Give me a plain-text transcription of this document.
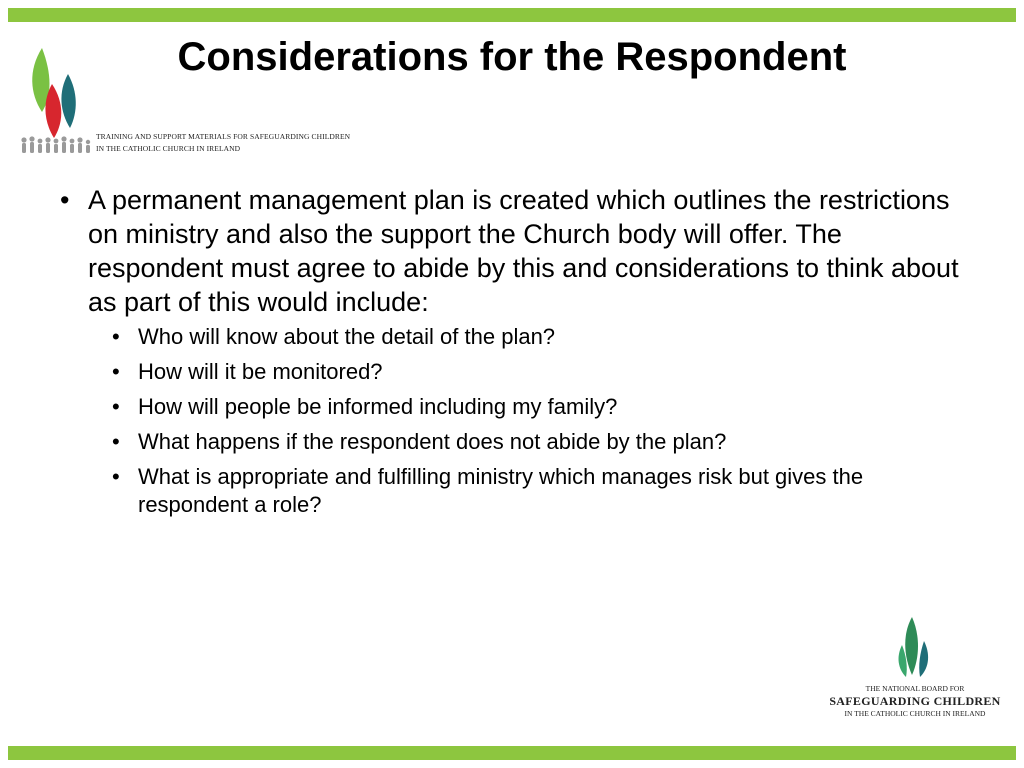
TRAINING AND SUPPORT MATERIALS FOR SAFEGUARDING CHILDREN
IN THE CATHOLIC CHURCH IN IRELAND
Considerations for the Respondent

• A permanent management plan is created which outlines the restrictions on ministry and also the support the Church body will offer. The respondent must agree to abide by this and considerations to think about as part of this would include:

• Who will know about the detail of the plan?
• How will it be monitored?
• How will people be informed including my family?
• What happens if the respondent does not abide by the plan?
• What is appropriate and fulfilling ministry which manages risk but gives the respondent a role?
THE NATIONAL BOARD FOR
SAFEGUARDING CHILDREN
IN THE CATHOLIC CHURCH IN IRELAND
